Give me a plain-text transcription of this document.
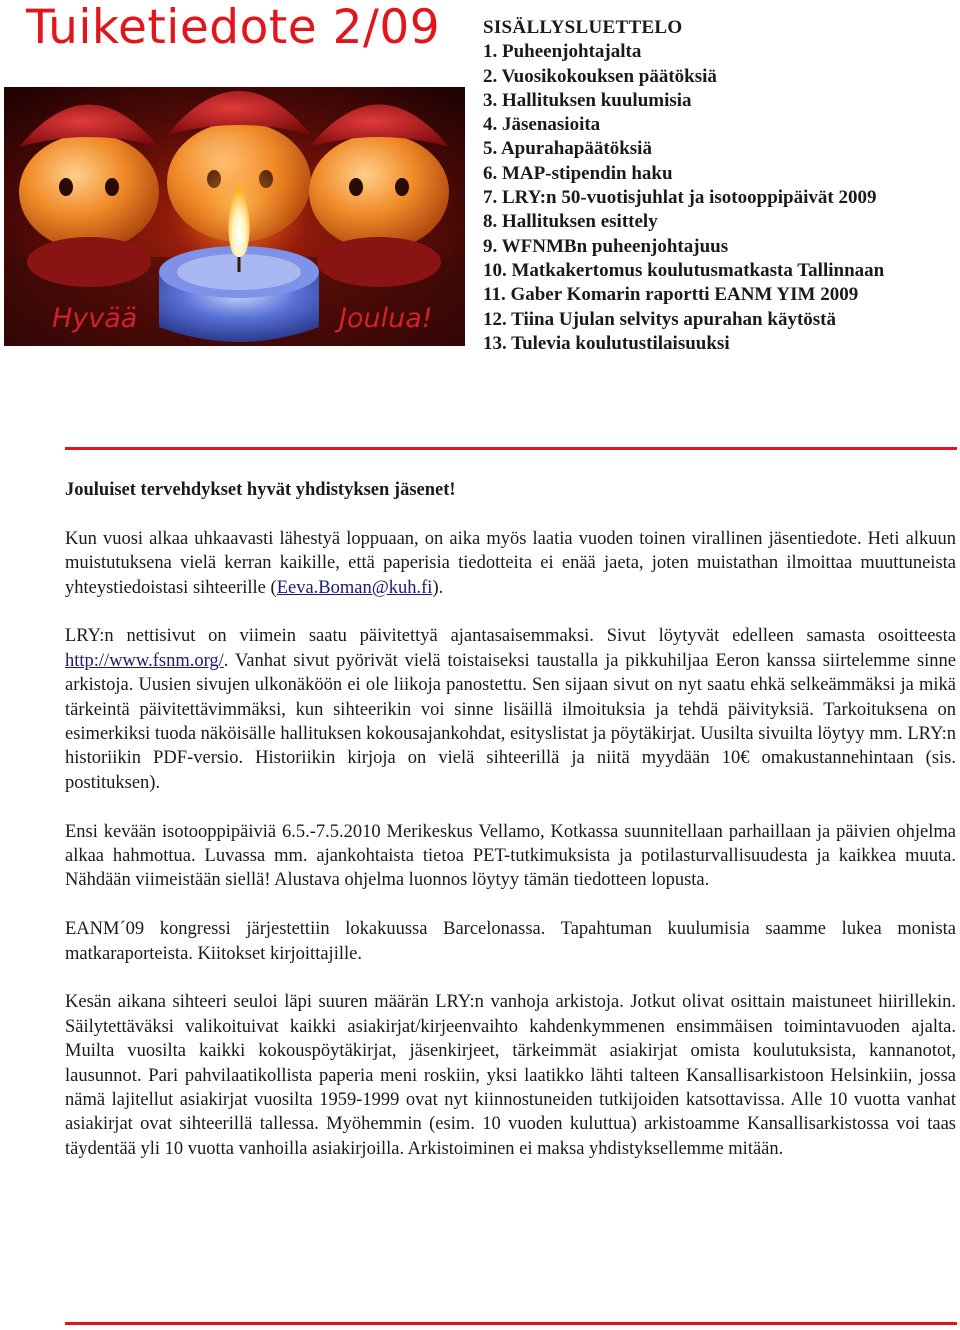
Tuiketiedote 2/09
Hyvää	Joulua!
SISÄLLYSLUETTELO
1. Puheenjohtajalta
2. Vuosikokouksen päätöksiä
3. Hallituksen kuulumisia
4. Jäsenasioita
5. Apurahapäätöksiä
6. MAP-stipendin haku
7. LRY:n 50-vuotisjuhlat ja isotooppipäivät 2009
8. Hallituksen esittely
9. WFNMBn puheenjohtajuus
10. Matkakertomus koulutusmatkasta Tallinnaan
11. Gaber Komarin raportti EANM YIM 2009
12. Tiina Ujulan selvitys apurahan käytöstä
13. Tulevia koulutustilaisuuksi

Jouluiset tervehdykset hyvät yhdistyksen jäsenet!

Kun vuosi alkaa uhkaavasti lähestyä loppuaan, on aika myös laatia vuoden toinen virallinen jäsentiedote. Heti alkuun muistutuksena vielä kerran kaikille, että paperisia tiedotteita ei enää jaeta, joten muistathan ilmoittaa muuttuneista yhteystiedoistasi sihteerille (Eeva.Boman@kuh.fi).

LRY:n nettisivut on viimein saatu päivitettyä ajantasaisemmaksi. Sivut löytyvät edelleen samasta osoitteesta http://www.fsnm.org/. Vanhat sivut pyörivät vielä toistaiseksi taustalla ja pikkuhiljaa Eeron kanssa siirtelemme sinne arkistoja. Uusien sivujen ulkonäköön ei ole liikoja panostettu. Sen sijaan sivut on nyt saatu ehkä selkeämmäksi ja mikä tärkeintä päivitettävimmäksi, kun sihteerikin voi sinne lisäillä ilmoituksia ja tehdä päivityksiä. Tarkoituksena on esimerkiksi tuoda näköisälle hallituksen kokousajankohdat, esityslistat ja pöytäkirjat. Uusilta sivuilta löytyy mm. LRY:n historiikin PDF-versio. Historiikin kirjoja on vielä sihteerillä ja niitä myydään 10€ omakustannehintaan (sis. postituksen).

Ensi kevään isotooppipäiviä 6.5.-7.5.2010 Merikeskus Vellamo, Kotkassa suunnitellaan parhaillaan ja päivien ohjelma alkaa hahmottua. Luvassa mm. ajankohtaista tietoa PET-tutkimuksista ja potilasturvallisuudesta ja kaikkea muuta. Nähdään viimeistään siellä! Alustava ohjelma luonnos löytyy tämän tiedotteen lopusta.

EANM´09 kongressi järjestettiin lokakuussa Barcelonassa. Tapahtuman kuulumisia saamme lukea monista matkaraporteista. Kiitokset kirjoittajille.

Kesän aikana sihteeri seuloi läpi suuren määrän LRY:n vanhoja arkistoja. Jotkut olivat osittain maistuneet hiirillekin. Säilytettäväksi valikoituivat kaikki asiakirjat/kirjeenvaihto kahdenkymmenen ensimmäisen toimintavuoden ajalta. Muilta vuosilta kaikki kokouspöytäkirjat, jäsenkirjeet, tärkeimmät asiakirjat omista koulutuksista, kannanotot, lausunnot. Pari pahvilaatikollista paperia meni roskiin, yksi laatikko lähti talteen Kansallisarkistoon Helsinkiin, jossa nämä lajitellut asiakirjat vuosilta 1959-1999 ovat nyt kiinnostuneiden tutkijoiden katsottavissa. Alle 10 vuotta vanhat asiakirjat ovat sihteerillä tallessa. Myöhemmin (esim. 10 vuoden kuluttua) arkistoamme Kansallisarkistossa voi taas täydentää yli 10 vuotta vanhoilla asiakirjoilla. Arkistoiminen ei maksa yhdistyksellemme mitään.
